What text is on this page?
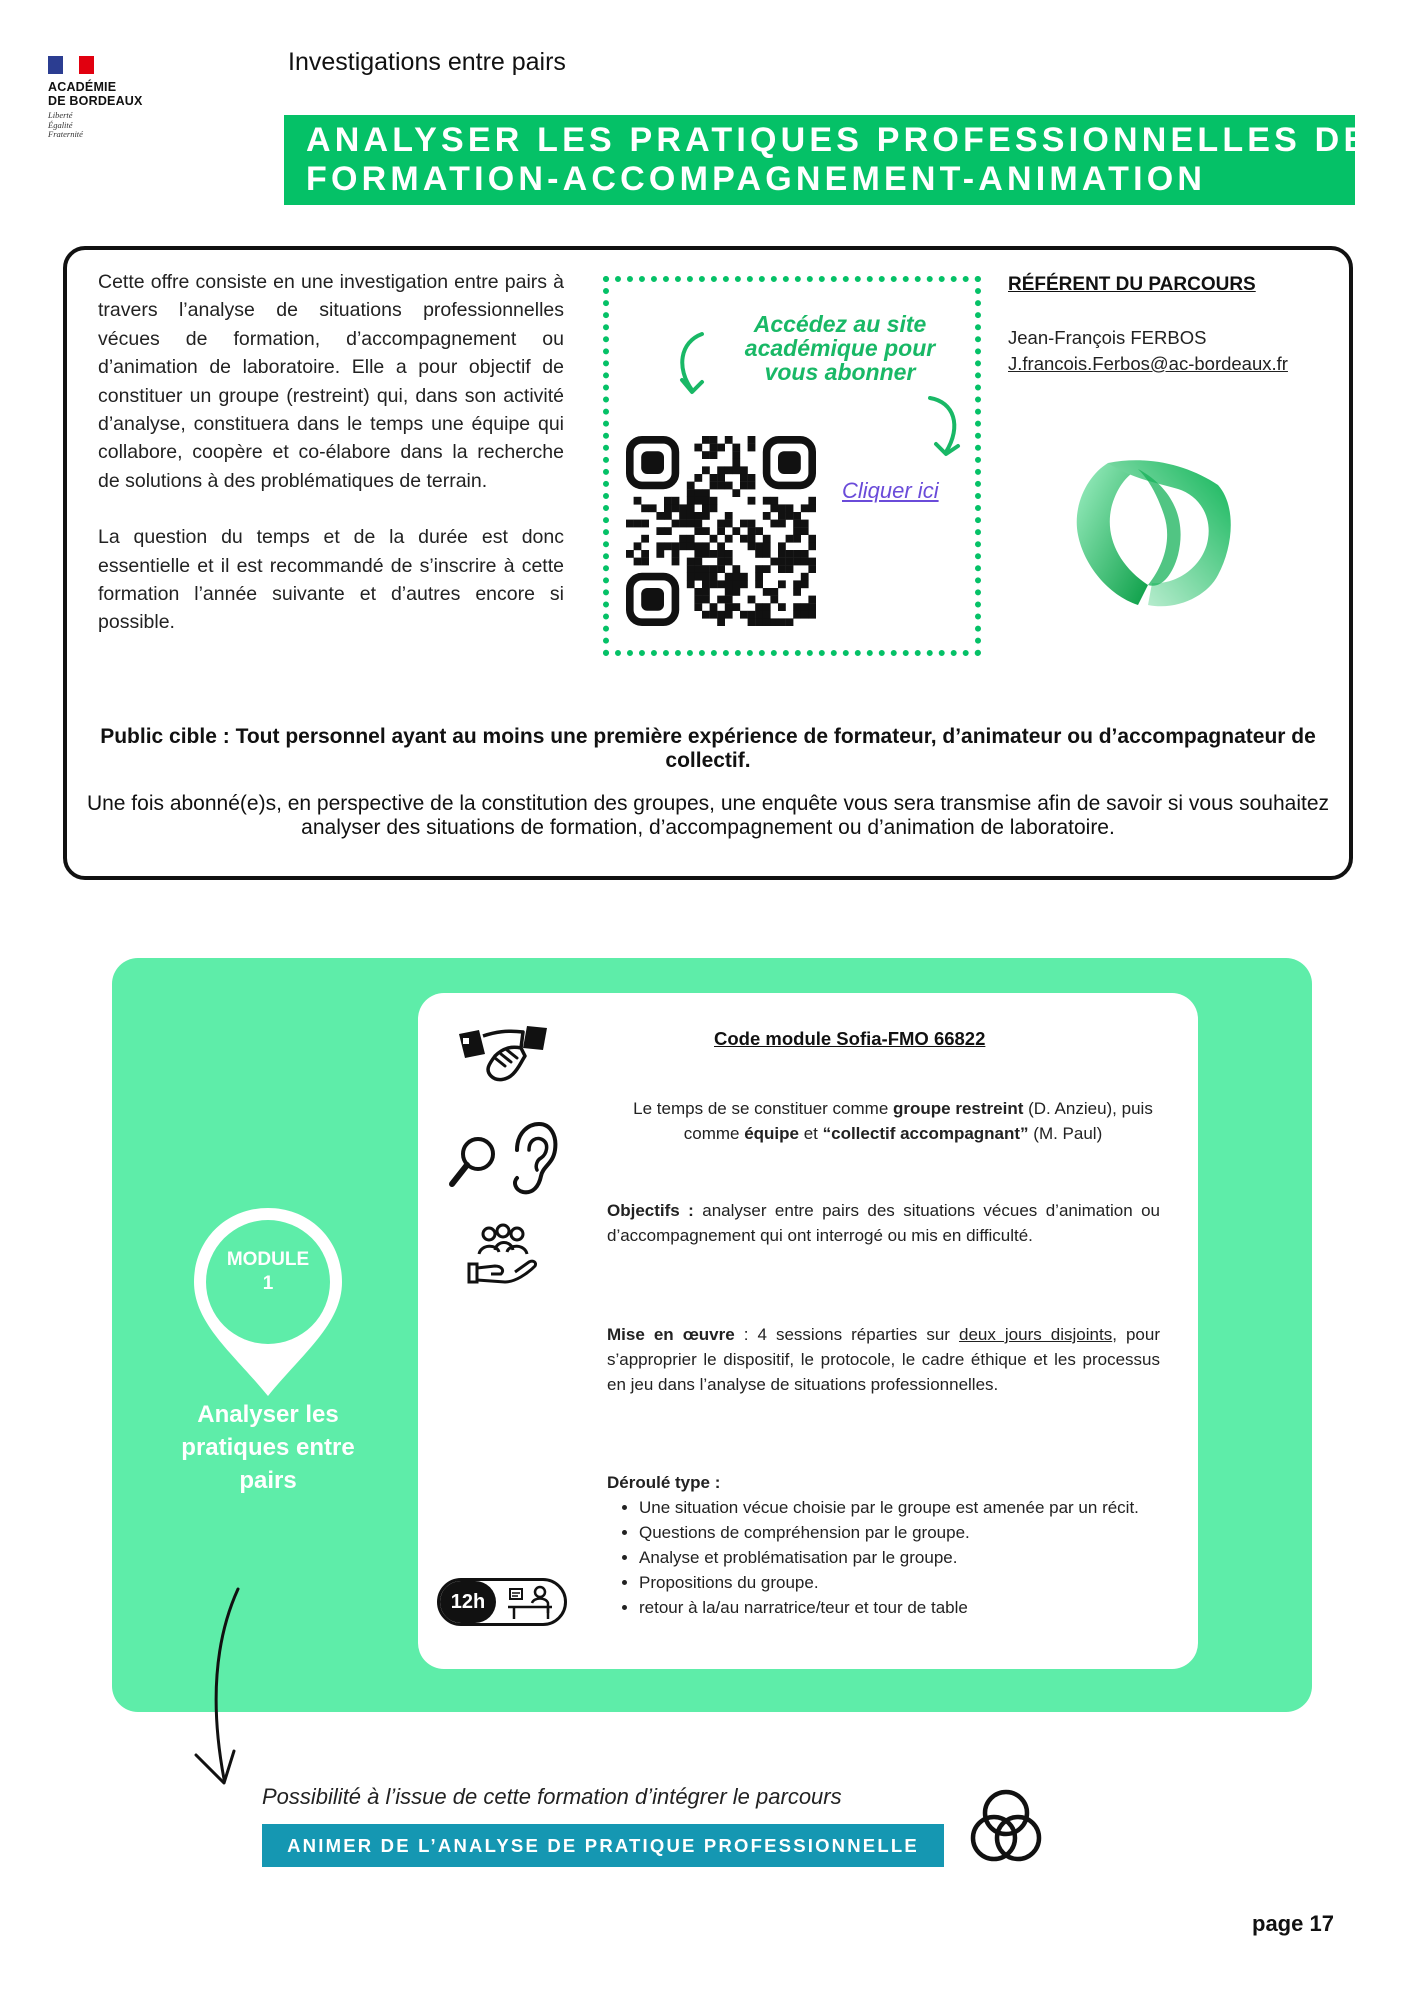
ACADÉMIE
DE BORDEAUX
Liberté
Égalité
Fraternité
Investigations entre pairs
ANALYSER LES PRATIQUES PROFESSIONNELLES DE
FORMATION-ACCOMPAGNEMENT-ANIMATION

Cette offre consiste en une investigation entre pairs à travers l’analyse de situations professionnelles vécues de formation, d’accompagnement ou d’animation de laboratoire. Elle a pour objectif de constituer un groupe (restreint) qui, dans son activité d’analyse, constituera dans le temps une équipe qui collabore, coopère et co-élabore dans la recherche de solutions à des problématiques de terrain.

La question du temps et de la durée est donc essentielle et il est recommandé de s’inscrire à cette formation l’année suivante et d’autres encore si possible.

Accédez au site académique pour vous abonner
Cliquer ici
RÉFÉRENT DU PARCOURS
Jean-François FERBOS
J.francois.Ferbos@ac-bordeaux.fr
Public cible : Tout personnel ayant au moins une première expérience de formateur, d’animateur ou d’accompagnateur de collectif.
Une fois abonné(e)s, en perspective de la constitution des groupes, une enquête vous sera transmise afin de savoir si vous souhaitez analyser des situations de formation, d’accompagnement ou d’animation de laboratoire.
MODULE
1
Analyser les pratiques entre pairs
12h
Code module Sofia-FMO 66822
Le temps de se constituer comme groupe restreint (D. Anzieu), puis comme équipe et “collectif accompagnant” (M. Paul)
Objectifs : analyser entre pairs des situations vécues d’animation ou d’accompagnement qui ont interrogé ou mis en difficulté.
Mise en œuvre : 4 sessions réparties sur deux jours disjoints, pour s’approprier le dispositif, le protocole, le cadre éthique et les processus en jeu dans l’analyse de situations professionnelles.
Déroulé type :
• Une situation vécue choisie par le groupe est amenée par un récit.
• Questions de compréhension par le groupe.
• Analyse et problématisation par le groupe.
• Propositions du groupe.
• retour à la/au narratrice/teur et tour de table
Possibilité à l’issue de cette formation d’intégrer le parcours
ANIMER DE L’ANALYSE DE PRATIQUE PROFESSIONNELLE
page 17
